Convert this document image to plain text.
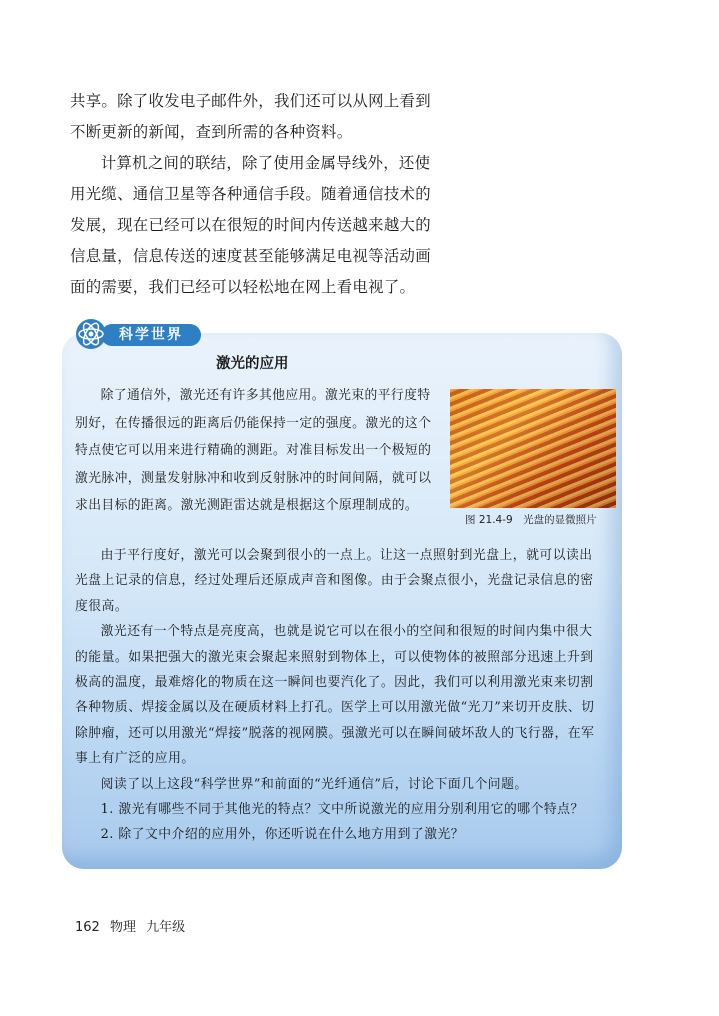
共享。除了收发电子邮件外，我们还可以从网上看到不断更新的新闻，查到所需的各种资料。

计算机之间的联结，除了使用金属导线外，还使用光缆、通信卫星等各种通信手段。随着通信技术的发展，现在已经可以在很短的时间内传送越来越大的信息量，信息传送的速度甚至能够满足电视等活动画面的需要，我们已经可以轻松地在网上看电视了。

科学世界
激光的应用
除了通信外，激光还有许多其他应用。激光束的平行度特别好，在传播很远的距离后仍能保持一定的强度。激光的这个特点使它可以用来进行精确的测距。对准目标发出一个极短的激光脉冲，测量发射脉冲和收到反射脉冲的时间间隔，就可以求出目标的距离。激光测距雷达就是根据这个原理制成的。
图 21.4-9　光盘的显微照片

由于平行度好，激光可以会聚到很小的一点上。让这一点照射到光盘上，就可以读出光盘上记录的信息，经过处理后还原成声音和图像。由于会聚点很小，光盘记录信息的密度很高。

激光还有一个特点是亮度高，也就是说它可以在很小的空间和很短的时间内集中很大的能量。如果把强大的激光束会聚起来照射到物体上，可以使物体的被照部分迅速上升到极高的温度，最难熔化的物质在这一瞬间也要汽化了。因此，我们可以利用激光束来切割各种物质、焊接金属以及在硬质材料上打孔。医学上可以用激光做“光刀”来切开皮肤、切除肿瘤，还可以用激光“焊接”脱落的视网膜。强激光可以在瞬间破坏敌人的飞行器，在军事上有广泛的应用。

阅读了以上这段“科学世界”和前面的“光纤通信”后，讨论下面几个问题。

1. 激光有哪些不同于其他光的特点？文中所说激光的应用分别利用它的哪个特点？

2. 除了文中介绍的应用外，你还听说在什么地方用到了激光？

162 物理 九年级
